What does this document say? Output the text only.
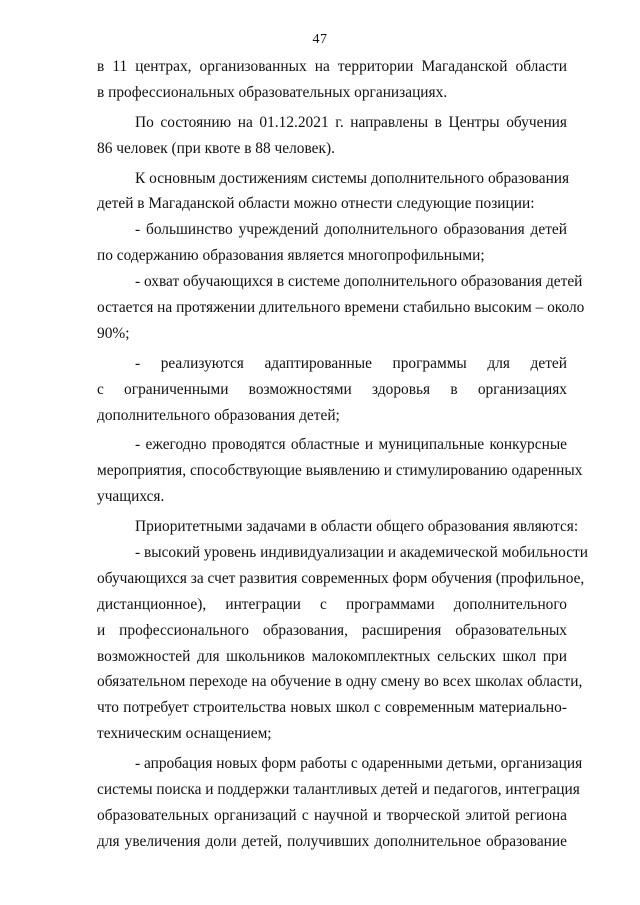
47
в 11 центрах, организованных на территории Магаданской области
в профессиональных образовательных организациях.
По состоянию на 01.12.2021 г. направлены в Центры обучения
86 человек (при квоте в 88 человек).
К основным достижениям системы дополнительного образования
детей в Магаданской области можно отнести следующие позиции:
- большинство учреждений дополнительного образования детей
по содержанию образования является многопрофильными;
- охват обучающихся в системе дополнительного образования детей
остается на протяжении длительного времени стабильно высоким – около
90%;
- реализуются адаптированные программы для детей
с ограниченными возможностями здоровья в организациях
дополнительного образования детей;
- ежегодно проводятся областные и муниципальные конкурсные
мероприятия, способствующие выявлению и стимулированию одаренных
учащихся.
Приоритетными задачами в области общего образования являются:
- высокий уровень индивидуализации и академической мобильности
обучающихся за счет развития современных форм обучения (профильное,
дистанционное), интеграции с программами дополнительного
и профессионального образования, расширения образовательных
возможностей для школьников малокомплектных сельских школ при
обязательном переходе на обучение в одну смену во всех школах области,
что потребует строительства новых школ с современным материально-
техническим оснащением;
- апробация новых форм работы с одаренными детьми, организация
системы поиска и поддержки талантливых детей и педагогов, интеграция
образовательных организаций с научной и творческой элитой региона
для увеличения доли детей, получивших дополнительное образование
